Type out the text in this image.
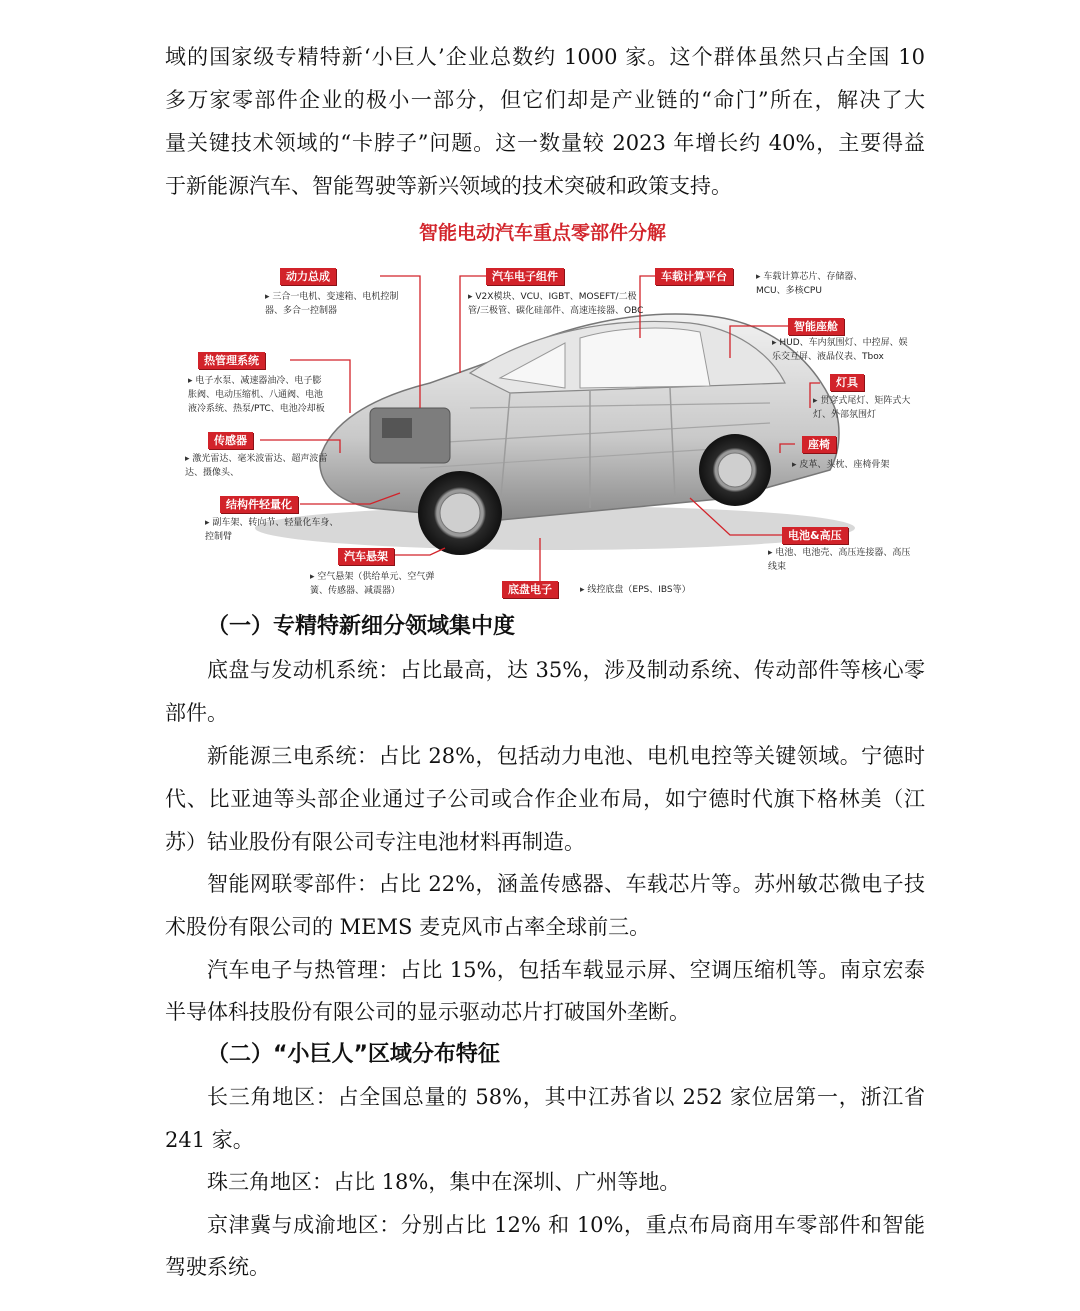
域的国家级专精特新‘小巨人’企业总数约 1000 家。这个群体虽然只占全国 10
多万家零部件企业的极小一部分，但它们却是产业链的“命门”所在，解决了大
量关键技术领域的“卡脖子”问题。这一数量较 2023 年增长约 40%，主要得益
于新能源汽车、智能驾驶等新兴领域的技术突破和政策支持。
智能电动汽车重点零部件分解
动力总成
▸ 三合一电机、变速箱、电机控制器、多合一控制器
汽车电子组件
▸ V2X模块、VCU、IGBT、MOSEFT/二极管/三极管、碳化硅部件、高速连接器、OBC
车载计算平台	▸ 车载计算芯片、存储器、MCU、多核CPU
智能座舱
▸ HUD、车内氛围灯、中控屏、娱乐交互屏、液晶仪表、Tbox
热管理系统
▸ 电子水泵、减速器油冷、电子膨胀阀、电动压缩机、八通阀、电池液冷系统、热泵/PTC、电池冷却板
灯具
▸ 贯穿式尾灯、矩阵式大灯、外部氛围灯
传感器
▸ 激光雷达、毫米波雷达、超声波雷达、摄像头、
座椅
▸ 皮革、头枕、座椅骨架
结构件轻量化
▸ 副车架、转向节、轻量化车身、控制臂	电池&高压
▸ 电池、电池壳、高压连接器、高压线束
汽车悬架
▸ 空气悬架（供给单元、空气弹簧、传感器、减震器）	底盘电子	▸ 线控底盘（EPS、IBS等）
（一）专精特新细分领域集中度
底盘与发动机系统：占比最高，达 35%，涉及制动系统、传动部件等核心零
部件。
新能源三电系统：占比 28%，包括动力电池、电机电控等关键领域。宁德时
代、比亚迪等头部企业通过子公司或合作企业布局，如宁德时代旗下格林美（江
苏）钴业股份有限公司专注电池材料再制造。
智能网联零部件：占比 22%，涵盖传感器、车载芯片等。苏州敏芯微电子技
术股份有限公司的 MEMS 麦克风市占率全球前三。
汽车电子与热管理：占比 15%，包括车载显示屏、空调压缩机等。南京宏泰
半导体科技股份有限公司的显示驱动芯片打破国外垄断。
（二）“小巨人”区域分布特征
长三角地区：占全国总量的 58%，其中江苏省以 252 家位居第一，浙江省
241 家。
珠三角地区：占比 18%，集中在深圳、广州等地。
京津冀与成渝地区：分别占比 12% 和 10%，重点布局商用车零部件和智能
驾驶系统。
